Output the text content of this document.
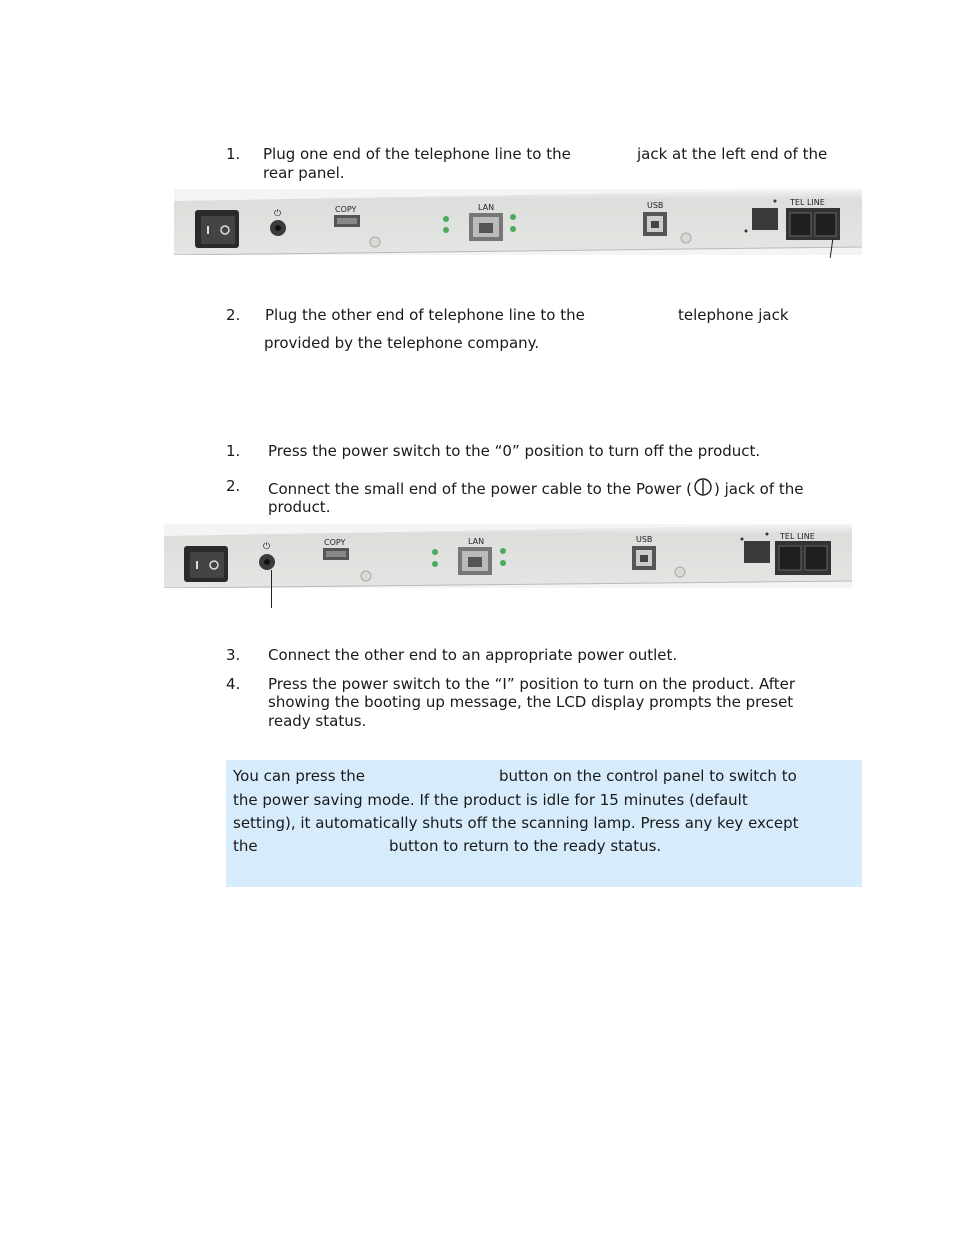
1. Plug one end of the telephone line to the	jack at the left end of the
rear panel.
⏻	COPY	LAN	USB	TEL LINE
2. Plug the other end of telephone line to the	telephone jack
provided by the telephone company.
1. Press the power switch to the “0” position to turn off the product.
2. Connect the small end of the power cable to the Power ( ) jack of the
product.
⏻	COPY	LAN	USB	TEL LINE
3. Connect the other end to an appropriate power outlet.
4. Press the power switch to the “I” position to turn on the product. After
showing the booting up message, the LCD display prompts the preset
ready status.
You can press the	button on the control panel to switch to
the power saving mode. If the product is idle for 15 minutes (default
setting), it automatically shuts off the scanning lamp. Press any key except
the	button to return to the ready status.
